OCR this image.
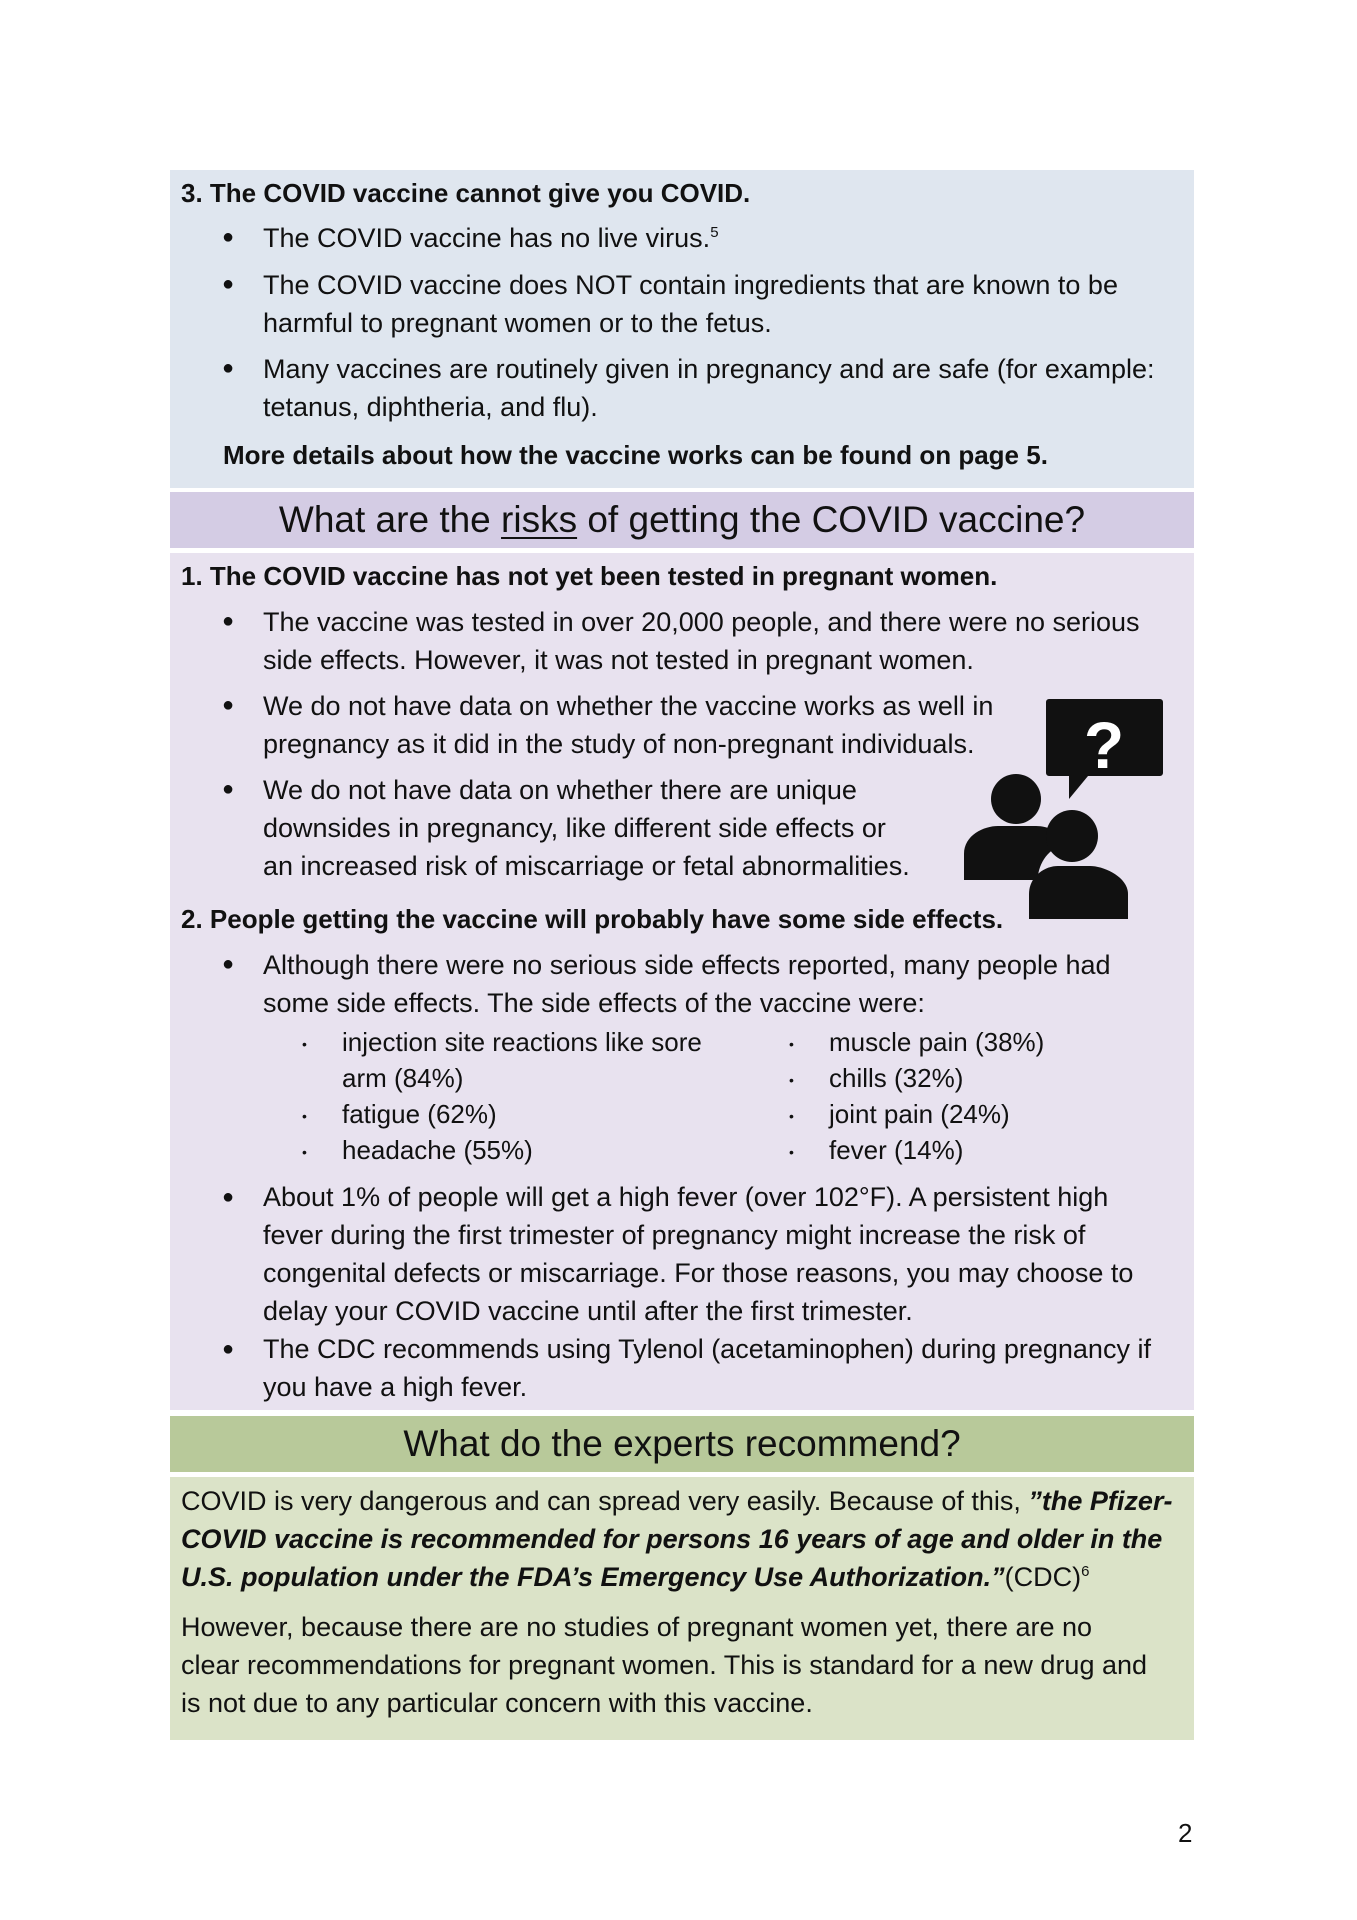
3. The COVID vaccine cannot give you COVID.
● The COVID vaccine has no live virus.$^5$
● The COVID vaccine does NOT contain ingredients that are known to be
harmful to pregnant women or to the fetus.
● Many vaccines are routinely given in pregnancy and are safe (for example:
tetanus, diphtheria, and flu).
More details about how the vaccine works can be found on page 5.
What are the risks of getting the COVID vaccine?
1. The COVID vaccine has not yet been tested in pregnant women.
● The vaccine was tested in over 20,000 people, and there were no serious
side effects. However, it was not tested in pregnant women.
● We do not have data on whether the vaccine works as well in
pregnancy as it did in the study of non-pregnant individuals.
● We do not have data on whether there are unique
downsides in pregnancy, like different side effects or
an increased risk of miscarriage or fetal abnormalities.
?
2. People getting the vaccine will probably have some side effects.
● Although there were no serious side effects reported, many people had
some side effects. The side effects of the vaccine were:
• injection site reactions like sore
arm (84%)
• fatigue (62%)
• headache (55%)
• muscle pain (38%)
• chills (32%)
• joint pain (24%)
• fever (14%)
● About 1% of people will get a high fever (over 102°F). A persistent high
fever during the first trimester of pregnancy might increase the risk of
congenital defects or miscarriage. For those reasons, you may choose to
delay your COVID vaccine until after the first trimester.
● The CDC recommends using Tylenol (acetaminophen) during pregnancy if
you have a high fever.
What do the experts recommend?
COVID is very dangerous and can spread very easily. Because of this, ”the Pfizer-
COVID vaccine is recommended for persons 16 years of age and older in the
U.S. population under the FDA’s Emergency Use Authorization.”(CDC)$^6$
However, because there are no studies of pregnant women yet, there are no
clear recommendations for pregnant women. This is standard for a new drug and
is not due to any particular concern with this vaccine.
2
